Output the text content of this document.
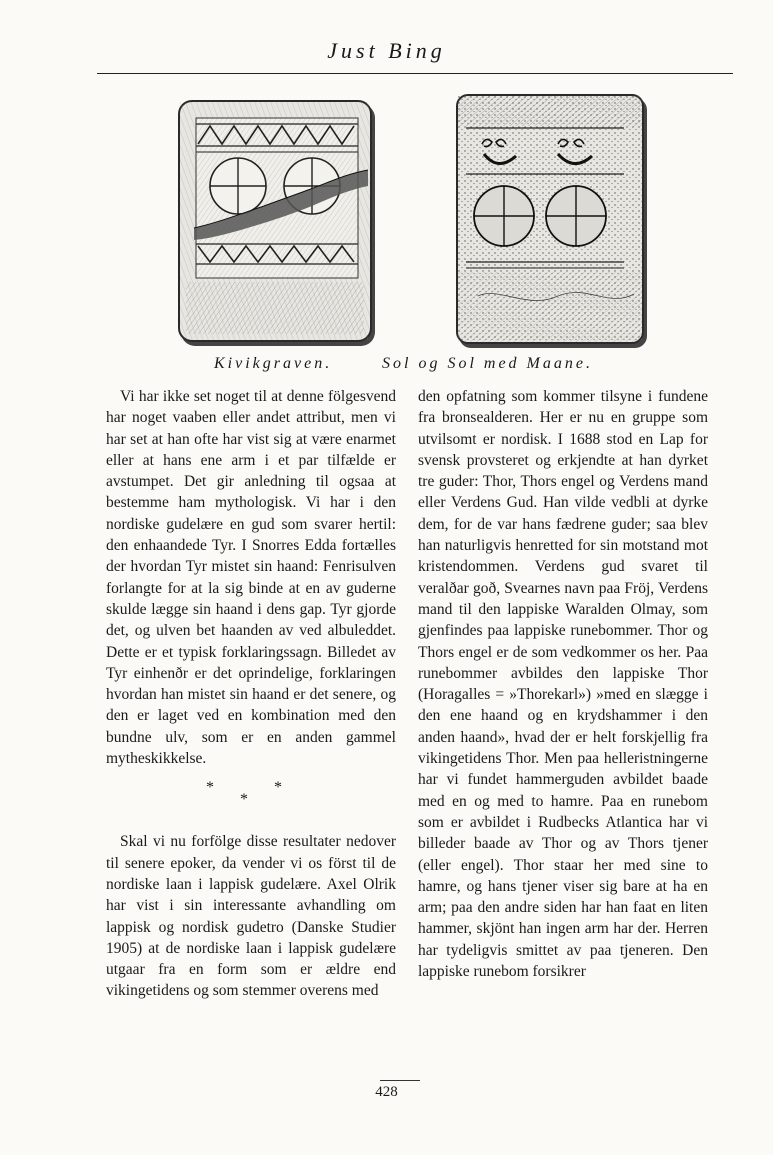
Just Bing
Kivikgraven.	Sol og Sol med Maane.

Vi har ikke set noget til at denne fölgesvend har noget vaaben eller andet attribut, men vi har set at han ofte har vist sig at være enarmet eller at hans ene arm i et par tilfælde er avstumpet. Det gir anledning til ogsaa at bestemme ham mythologisk. Vi har i den nordiske gudelære en gud som svarer hertil: den enhaandede Tyr. I Snorres Edda fortælles der hvordan Tyr mistet sin haand: Fenrisulven forlangte for at la sig binde at en av guderne skulde lægge sin haand i dens gap. Tyr gjorde det, og ulven bet haanden av ved albuleddet. Dette er et typisk forklaringssagn. Billedet av Tyr einhenðr er det oprindelige, forklaringen hvordan han mistet sin haand er det senere, og den er laget ved en kombination med den bundne ulv, som er en anden gammel mytheskikkelse.

*
*
*

Skal vi nu forfölge disse resultater nedover til senere epoker, da vender vi os först til de nordiske laan i lappisk gudelære. Axel Olrik har vist i sin interessante avhandling om lappisk og nordisk gudetro (Danske Studier 1905) at de nordiske laan i lappisk gudelære utgaar fra en form som er ældre end vikingetidens og som stemmer overens med

den opfatning som kommer tilsyne i fundene fra bronsealderen. Her er nu en gruppe som utvilsomt er nordisk. I 1688 stod en Lap for svensk provsteret og erkjendte at han dyrket tre guder: Thor, Thors engel og Verdens mand eller Verdens Gud. Han vilde vedbli at dyrke dem, for de var hans fædrene guder; saa blev han naturligvis henretted for sin motstand mot kristendommen. Verdens gud svaret til veralðar goð, Svearnes navn paa Fröj, Verdens mand til den lappiske Waralden Olmay, som gjenfindes paa lappiske runebommer. Thor og Thors engel er de som vedkommer os her. Paa runebommer avbildes den lappiske Thor (Horagalles = »Thorekarl») »med en slægge i den ene haand og en krydshammer i den anden haand», hvad der er helt forskjellig fra vikingetidens Thor. Men paa helleristningerne har vi fundet hammerguden avbildet baade med en og med to hamre. Paa en runebom som er avbildet i Rudbecks Atlantica har vi billeder baade av Thor og av Thors tjener (eller engel). Thor staar her med sine to hamre, og hans tjener viser sig bare at ha en arm; paa den andre siden har han faat en liten hammer, skjönt han ingen arm har der. Herren har tydeligvis smittet av paa tjeneren. Den lappiske runebom forsikrer

428
